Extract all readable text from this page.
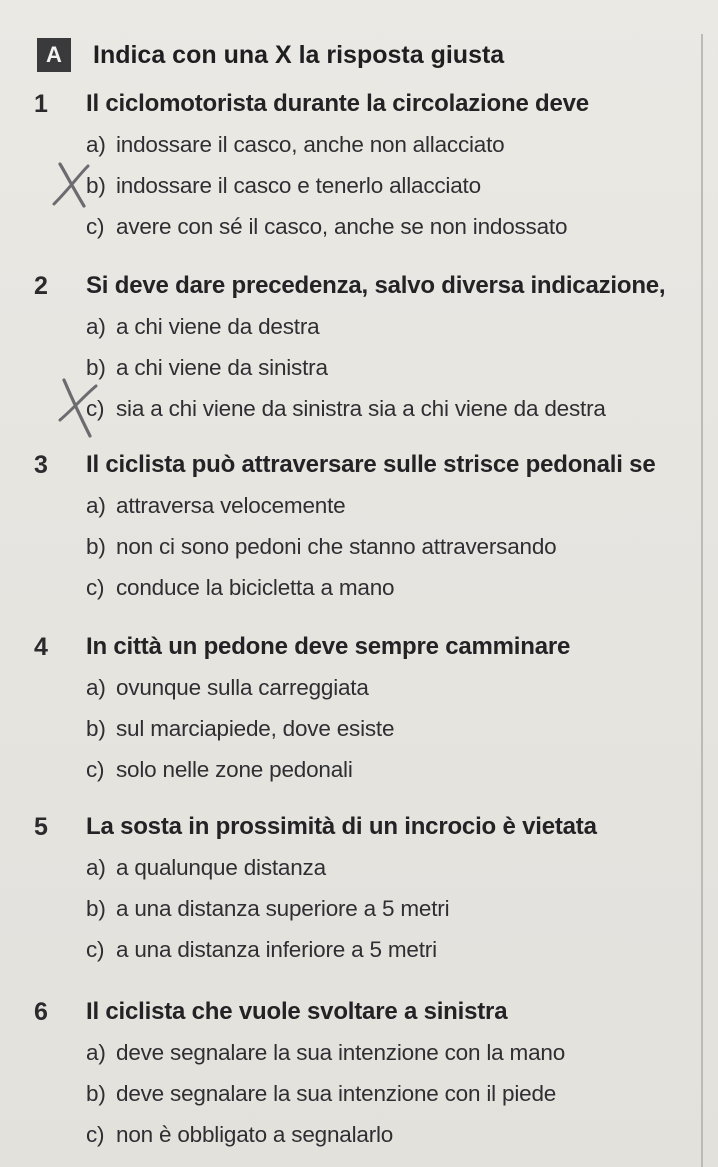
A	Indica con una X la risposta giusta
1	Il ciclomotorista durante la circolazione deve
a) indossare il casco, anche non allacciato
b) indossare il casco e tenerlo allacciato
c) avere con sé il casco, anche se non indossato
2	Si deve dare precedenza, salvo diversa indicazione,
a) a chi viene da destra
b) a chi viene da sinistra
c) sia a chi viene da sinistra sia a chi viene da destra
3	Il ciclista può attraversare sulle strisce pedonali se
a) attraversa velocemente
b) non ci sono pedoni che stanno attraversando
c) conduce la bicicletta a mano
4	In città un pedone deve sempre camminare
a) ovunque sulla carreggiata
b) sul marciapiede, dove esiste
c) solo nelle zone pedonali
5	La sosta in prossimità di un incrocio è vietata
a) a qualunque distanza
b) a una distanza superiore a 5 metri
c) a una distanza inferiore a 5 metri
6	Il ciclista che vuole svoltare a sinistra
a) deve segnalare la sua intenzione con la mano
b) deve segnalare la sua intenzione con il piede
c) non è obbligato a segnalarlo
